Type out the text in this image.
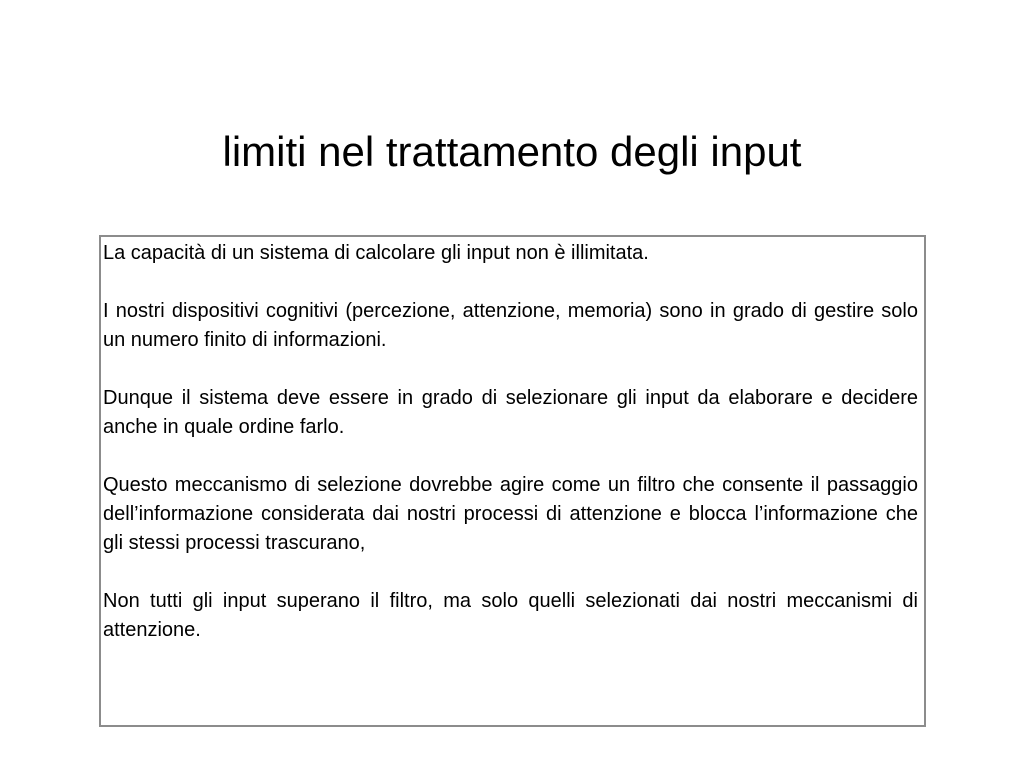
limiti nel trattamento degli input

La capacità di un sistema di calcolare gli input non è illimitata.

I nostri dispositivi cognitivi (percezione, attenzione, memoria) sono in grado di gestire solo un numero finito di informazioni.

Dunque il sistema deve essere in grado di selezionare gli input da elaborare e decidere anche in quale ordine farlo.

Questo meccanismo di selezione dovrebbe agire come un filtro che consente il passaggio dell’informazione considerata dai nostri processi di attenzione e blocca l’informazione che gli stessi processi trascurano,

Non tutti gli input superano il filtro, ma solo quelli selezionati dai nostri meccanismi di attenzione.
